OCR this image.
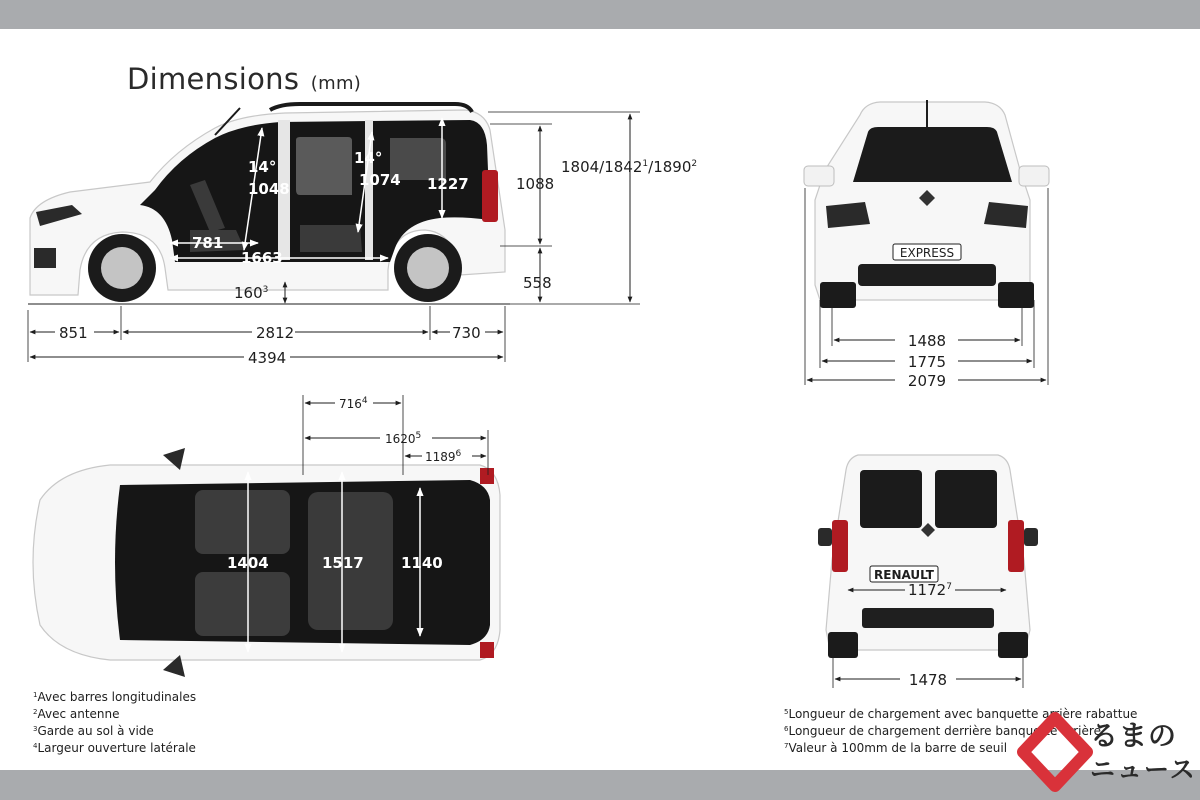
Dimensions (mm)
14°
1048
14°
1074 1227
781
1663
$160^3$
1088
558
1804/1842$^1$/1890$^2$
851	2812	730
4394
EXPRESS
1488
1775
2079
1404	1517 1140
$716^4$
1620$^5$
1189$^6$
RENAULT
1172$^7$
1478
$^1$Avec barres longitudinales
$^2$Avec antenne
$^3$Garde au sol à vide
$^4$Largeur ouverture latérale
$^5$Longueur de chargement avec banquette arrière rabattue
$^6$Longueur de chargement derrière banquette arrière
$^7$Valeur à 100mm de la barre de seuil	るまの
ニュース
